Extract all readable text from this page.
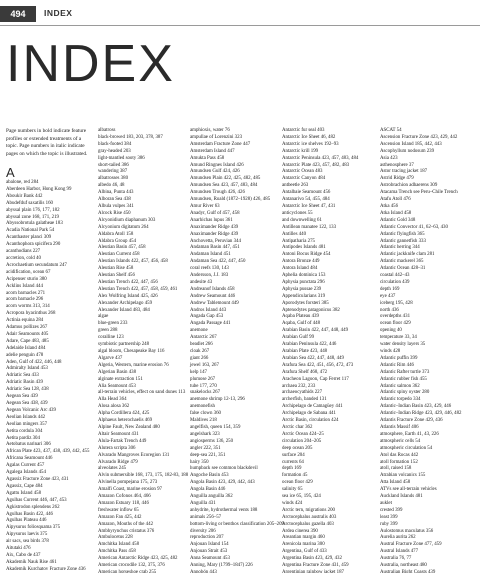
494	INDEX
INDEX
Page numbers in bold indicate feature profiles or extended treatments of a topic. Page numbers in italic indicate pages on which the topic is illustrated.
A
abalone, red 284
Aberdeen Harbor, Hong Kong 99
Aboukir Bank 442
Abudefduf saxatilis 160
abyssal plain 176, 177, 182
abyssal zone 168, 171, 219
Abyssobrotula galatheae 183
Acadia National Park 54
Acanthaster planci 309
Acanthophora spicifera 290
acanthodians 227
accretion, cold 40
Acrochaetium secundatum 247
acidification, ocean 67
Acipenser sturio 380
Acklins Island 444
acorn barnacles 271
acorn barnacle 296
acorn worms 313, 314
Acropora hyacinthus 268
Actinia equina 284
Adamus pollizes 267
Adair Seamounts 405
Adare, Cape 483, 485
Adelaide Island 484
adelie penguin 478
Aden, Gulf of 422, 446, 448
Admiralty Island 453
Adriatic Sea 433
Adriatic Basin 439
Adriatic Sea 128, 438
Aegean Sea 439
Aegean Sea 438, 439
Aegean Volcanic Arc 439
Aeolian Islands 442
Aeolian mingers 357
Aetita cordula 304
Aetita pardiz 304
Aetobatus narinari 306
African Plate 423, 437, 438, 439, 442, 455
Africana Seamount 446
Agalas Current 457
Agalega Islands 454
Agassiz Fracture Zone 423, 431
Agassiz, Cape 484
Agattu Island 458
Agulhas Current 446, 447, 453
Agkistrodon splendens 262
Agulhas Basin 422, 446
Agulhas Plateau 446
Aipysurus foliosquama 375
Aipysurus laevis 375
air sacs, sea birds 378
Aitutaki 476
Aix, Cabo de 437
Akademik Nauk Rise 461
Akademik Kurchatov Fracture Zone 436
albatross
black-browed 183, 203, 378, 387
black-footed 384
gray-headed 203
light-mantled sooty 386
short-tailed 386
wandering 387
albatrosses 380
albedo 46, 48
Albina, Punta 443
Alboran Sea 438
Albula vulpes 341
Alcock Rise 450
Alcyonidium diaphanum 303
Alcyonium digitatum 264
Aldabra Atoll 158
Aldabra Group 454
Aleutian Basin 457, 458
Aleutian Current 458
Aleutian Islands 422, 457, 456, 458
Aleutian Rise 458
Aleutian Shelf 456
Aleutian Trench 422, 447, 456
Aleutian Trench 422, 457, 458, 459, 461
Alex Wolfring Island 425, 426
Alexander Archipelago 459
Alexander Island 483, 484
algae
blue-green 233
green 288
coralline 123
symbiotic partnership 248
algal bloom, Chesapeake Bay 116
Algarve 437
Algeria, Western, marine erosion 76
Algerian Basin 438
alginate extraction 151
Alia Seamount 453
all-terrain vehicles, effect on sand dunes 113
Alla Head 364
Alosa alosa 362
Alpha Cordillera 424, 425
Alphaeus heterochaelis 469
Alpine Fault, New Zealand 480
Altair Seamount 431
Alula-Fartak Trench 449
Alutera scripta 306
Alvarado Mangroves Ecoregion 131
Alvarado Ridge 479
alveolates 245
Alvin submersible 168, 173, 175, 182-83, 188
Alvinella pompejana 175, 273
Amalfi Coast, marine erosion 97
Amazon Cofonos 464, 466
Amazon Estuary 118, 446
freshwater inflow 65
Amazon Fan 425, 442
Amazon, Mouths of the 442
Ambhyrynchus cristatus 376
Ambulocetus 228
Amchitka Island 458
Amchitka Pass 458
American Antarctic Ridge 423, 425, 482
American crocodile 132, 375, 376
American horseshoe crab 255
amphioxis, water 76
ampullae of Lorenzini 323
Amsterdam Fracture Zone 447
Amsterdam Island 447
Amukta Pass 458
Amund Ringnes Island 426
Amundsen Gulf 424, 426
Amundsen Plain 422, 425, 482, 485
Amundsen Sea 423, 457, 483, 484
Amundsen Trough 426, 426
Amundsen, Roald (1872–1928) 426, 485
Amur River 63
Anadyr, Gulf of 457, 458
Anarhichas lupus 361
Anaximander Ridge 439
Anaximander Ridge 439
Anchovetta, Peruvian 344
Andaman Basin 447, 451
Andaman Island 451
Andaman Sea 422, 447, 450
coral reefs 130, 143
Andersson, J.J. 183
andesite 43
Andreanof Islands 458
Andrew Seamount 446
Andrew Tablemount 449
Andros Island 443
Angada Gap 453
Angada Passage 441
anemone
Antarctic 267
beadlet 266
cloak 267
giant 266
jewel 163, 267
kelp 147
plumose 267
tube 177, 270
snakelocks 267
anemone shrimp 12-13, 296
anemonefish
false clown 360
Maldives 218
angelfish, queen 154, 359
angelshark 323
angiosperms 136, 250
angler 222, 351
deep-sea 221, 351
hairy 350
humpback see common blackdevil
Angoche Basin 453
Angola Basin 423, 429, 442, 443
Angola Basin 446
Anguilla anguilla 362
Anguilla 431
anhydrite, hydrothermal vents 188
animals 256–57
bottom-living or benthos classification 205–209
diversity 206
reproduction 207
Anjouan Island 154
Anjouan Strait 453
Anna Seamount 453
Anning, Mary (1799–1847) 226
Annobón 443
Antarctic fur seal 403
Antarctic Ice Sheet 46, 482
Antarctic ice shelves 192–93
Antarctic krill 199
Antarctic Peninsula 423, 457, 483, 484
Antarctic Plate 423, 457, 482, 483
Antarctic Ocean 483
Antarctic Canyon 484
antbeetle 263
Antalbaie Seamount 456
Antanarivo 54, 455, 484
Antarctic Ice Sheet 47, 431
anticyclones 55
and downwelling 61
Antillean manatee 122, 133
Antilles 440
Antipatharia 275
Antipodes Islands 481
Antoni Bocus Ridge 454
Antora Bronze 449
Antora Island 484
Aphelia dominica 153
Aphysia punctata 296
Aphysia pussae 239
Appendicularians 319
Aporodytes forsteri 385
Aptenodytes patagonicus 382
Aqaba Plateau 439
Aqaba, Gulf of 448
Arabian Basin 422, 447, 448, 449
Arabian Gulf 99
Arabian Peninsula 422, 446
Arabian Plate 423, 448
Arabian Sea 422, 447, 448, 449
Arafura Sea 422, 451, 456, 472, 473
Arafura Shelf 468, 472
Aracheon Lagoon, Cap Ferret 117
archaea 232, 233
archaeocyathids 227
archerfish, banded 131
Archipelago de Camagüey 441
Archipelago de Sabana 441
Arctic Basin, circulation 424
Arctic char 362
Arctic Ocean 424–25
circulation 204–205
deep ocean 205
surface 204
currents 64
depth 169
formation 45
ocean floor 429
salinity 65
sea ice 65, 195, 424
winds 424
Arctic tern, migrations 200
Arctocephalus australis 403
Arctocephalus gazella 403
Ardea cinerea 390
Areantian margin 460
Arenicola marina 300
Argentina, Gulf of 433
Argentina Basin 423, 429, 432
Argentina Fracture Zone 431, 459
Argentinian rainbow jacket 187
ASCAT 54
Ascension Fracture Zone 423, 429, 442
Ascension Island 185, 442, 443
Ascophyllum nodosum 239
Asia 423
asthenosphere 37
Astor tracing jacket 187
Astrid Ridge 479
Astrobrachion adhaerens 309
Atacama Trench see Peru–Chile Trench
Atafu Atoll 476
Atka 456
Atka Island 458
Atlantic Gold 348
Atlantic Convector 41, 62–63, 430
Atlantic flyingfish 365
Atlantic gannetfish 333
Atlantic herring 344
Atlantic jackknife clam 281
Atlantic mackerel 365
Atlantic Ocean 428–31
coastal 442–43
circulation 439
depth 169
eye 437
iceberg 195, 428
north 436
overdepths 431
ocean floor 429
opening 40
temperature 33, 34
water density layers 35
winds 428
Atlantic puffin 399
Atlantic Rim 446
Atlantic Rafter turtle 373
Atlantic rubber fish 455
Atlantic salmon 362
Atlantic spiny oyster 280
Atlantic torpedo 334
Atlantic–Indian Basin 423, 429, 446
Atlantic–Indian Ridge 423, 429, 446, 482
Atlantis Fracture Zone 429, 436
Atlantis Massif 406
atmosphere, Earth 41, 43, 226
atmospheric cells 54
atmospheric circulation 54
Atol das Rocas 442
atoll formation 152
atoll, raised 158
Atrabian volcanics 155
Atta Island 458
ATVs see all-terrain vehicles
Auckland Islands 481
auklet
crested 399
least 399
ruby 399
Aulostomus maculatus 356
Aurelia aurita 262
Austral Fracture Zone 477, 459
Austral Islands 477
Australia 76, 77
Australia, northeast 480
Australian Bight Coasts 439
